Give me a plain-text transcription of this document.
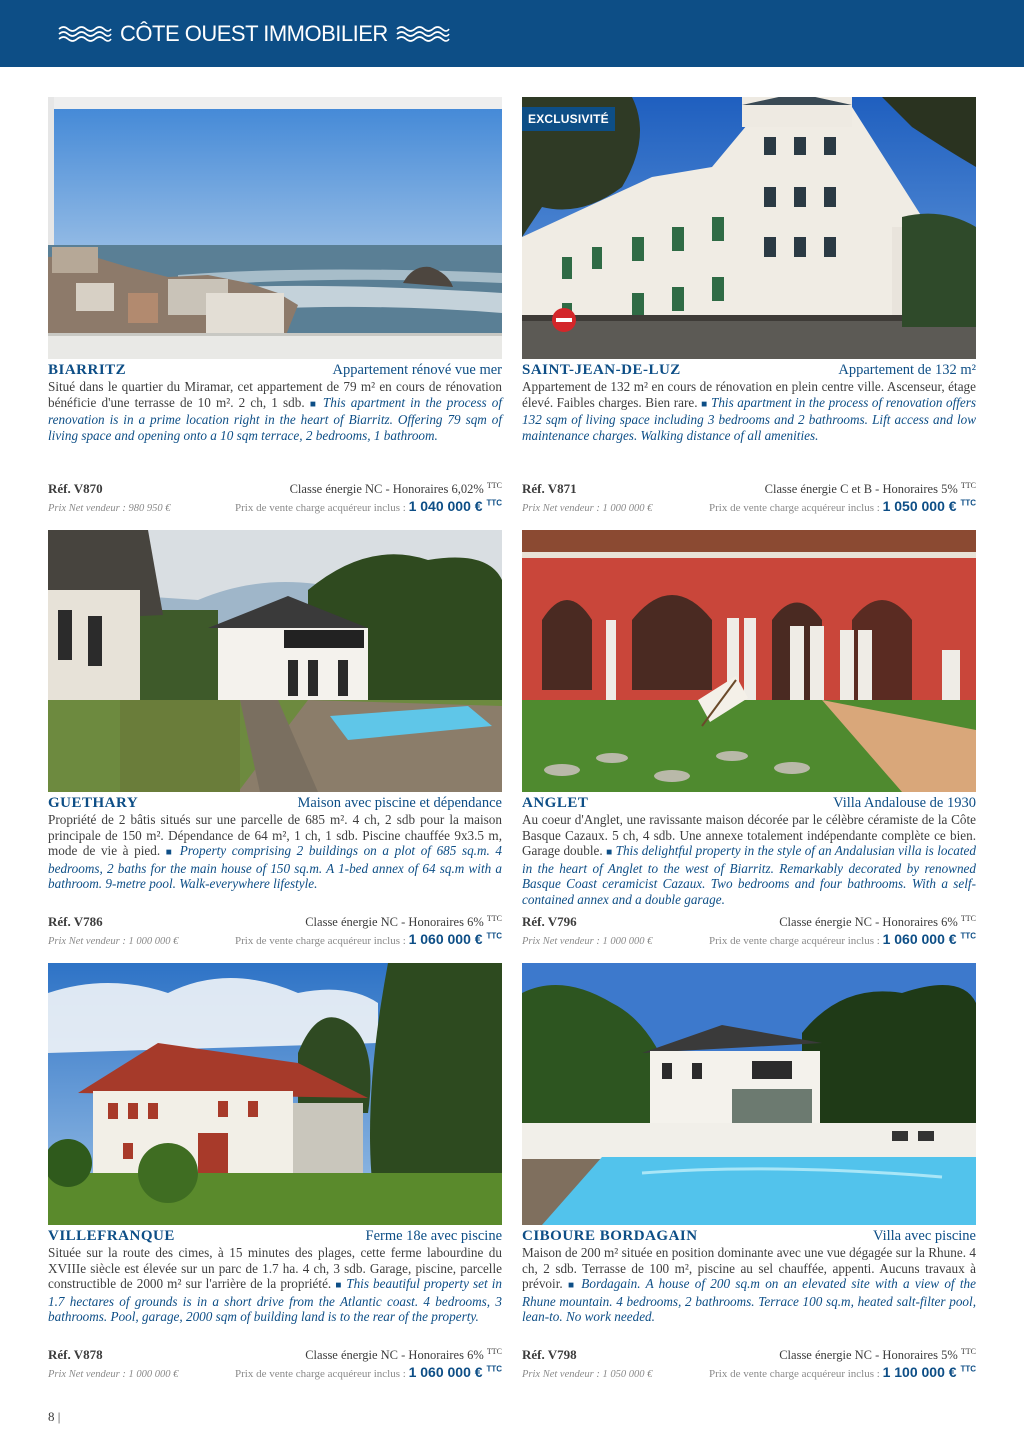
CÔTE OUEST IMMOBILIER
BIARRITZ	Appartement rénové vue mer

Situé dans le quartier du Miramar, cet appartement de 79 m² en cours de rénovation bénéficie d'une terrasse de 10 m². 2 ch, 1 sdb. ■ This apartment in the process of renovation is in a prime location right in the heart of Biarritz. Offering 79 sqm of living space and opening onto a 10 sqm terrace, 2 bedrooms, 1 bathroom.

Réf. V870	Classe énergie NC - Honoraires 6,02% $^{TTC}$
Prix Net vendeur : 980 950 €	Prix de vente charge acquéreur inclus : 1 040 000 € $^{TTC}$
EXCLUSIVITÉ
SAINT-JEAN-DE-LUZ	Appartement de 132 m²

Appartement de 132 m² en cours de rénovation en plein centre ville. Ascenseur, étage élevé. Faibles charges. Bien rare. ■ This apartment in the process of renovation offers 132 sqm of living space including 3 bedrooms and 2 bathrooms. Lift access and low maintenance charges. Walking distance of all amenities.

Réf. V871	Classe énergie C et B - Honoraires 5% $^{TTC}$
Prix Net vendeur : 1 000 000 €	Prix de vente charge acquéreur inclus : 1 050 000 € $^{TTC}$
GUETHARY	Maison avec piscine et dépendance

Propriété de 2 bâtis situés sur une parcelle de 685 m². 4 ch, 2 sdb pour la maison principale de 150 m². Dépendance de 64 m², 1 ch, 1 sdb. Piscine chauffée 9x3.5 m, mode de vie à pied. ■ Property comprising 2 buildings on a plot of 685 sq.m. 4 bedrooms, 2 baths for the main house of 150 sq.m. A 1-bed annex of 64 sq.m with a bathroom. 9-metre pool. Walk-everywhere lifestyle.

Réf. V786	Classe énergie NC - Honoraires 6% $^{TTC}$
Prix Net vendeur : 1 000 000 €	Prix de vente charge acquéreur inclus : 1 060 000 € $^{TTC}$
ANGLET	Villa Andalouse de 1930

Au coeur d'Anglet, une ravissante maison décorée par le célèbre céramiste de la Côte Basque Cazaux. 5 ch, 4 sdb. Une annexe totalement indépendante complète ce bien. Garage double. ■ This delightful property in the style of an Andalusian villa is located in the heart of Anglet to the west of Biarritz. Remarkably decorated by renowned Basque Coast ceramicist Cazaux. Two bedrooms and four bathrooms. With a self-contained annex and a double garage.

Réf. V796	Classe énergie NC - Honoraires 6% $^{TTC}$
Prix Net vendeur : 1 000 000 €	Prix de vente charge acquéreur inclus : 1 060 000 € $^{TTC}$
VILLEFRANQUE	Ferme 18e avec piscine

Située sur la route des cimes, à 15 minutes des plages, cette ferme labourdine du XVIIIe siècle est élevée sur un parc de 1.7 ha. 4 ch, 3 sdb. Garage, piscine, parcelle constructible de 2000 m² sur l'arrière de la propriété. ■ This beautiful property set in 1.7 hectares of grounds is in a short drive from the Atlantic coast. 4 bedrooms, 3 bathrooms. Pool, garage, 2000 sqm of building land is to the rear of the property.

Réf. V878	Classe énergie NC - Honoraires 6% $^{TTC}$
Prix Net vendeur : 1 000 000 €	Prix de vente charge acquéreur inclus : 1 060 000 € $^{TTC}$
CIBOURE BORDAGAIN	Villa avec piscine

Maison de 200 m² située en position dominante avec une vue dégagée sur la Rhune. 4 ch, 2 sdb. Terrasse de 100 m², piscine au sel chauffée, appenti. Aucuns travaux à prévoir. ■ Bordagain. A house of 200 sq.m on an elevated site with a view of the Rhune mountain. 4 bedrooms, 2 bathrooms. Terrace 100 sq.m, heated salt-filter pool, lean-to. No work needed.

Réf. V798	Classe énergie NC - Honoraires 5% $^{TTC}$
Prix Net vendeur : 1 050 000 €	Prix de vente charge acquéreur inclus : 1 100 000 € $^{TTC}$
8 |
